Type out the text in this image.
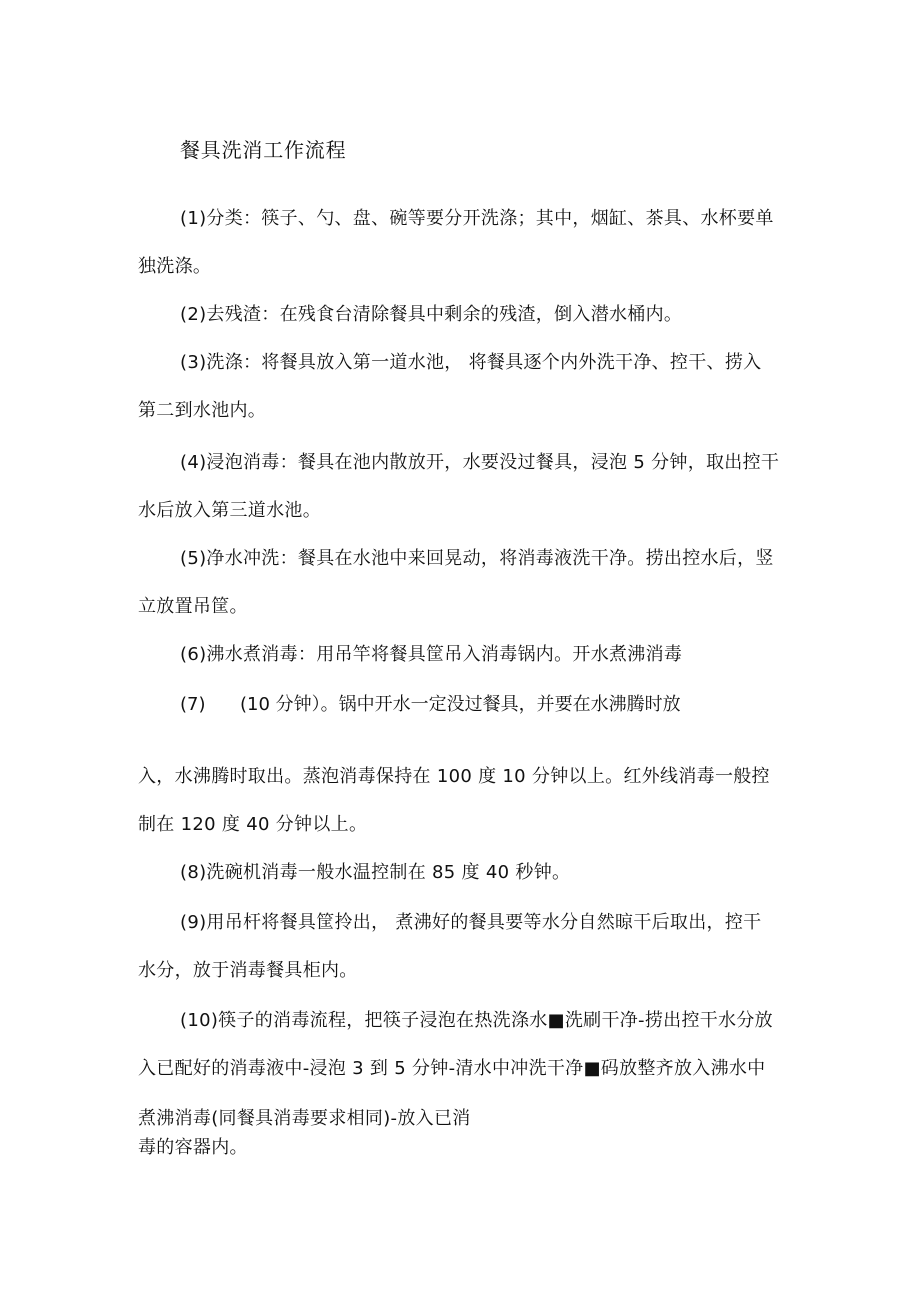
餐具洗消工作流程
(1)分类：筷子、勺、盘、碗等要分开洗涤；其中，烟缸、茶具、水杯要单
独洗涤。
(2)去残渣：在残食台清除餐具中剩余的残渣，倒入潜水桶内。
(3)洗涤：将餐具放入第一道水池， 将餐具逐个内外洗干净、控干、捞入
第二到水池内。
(4)浸泡消毒：餐具在池内散放开，水要没过餐具，浸泡 5 分钟，取出控干
水后放入第三道水池。
(5)净水冲洗：餐具在水池中来回晃动，将消毒液洗干净。捞出控水后，竖
立放置吊筐。
(6)沸水煮消毒：用吊竿将餐具筐吊入消毒锅内。开水煮沸消毒
(7) (10 分钟）。锅中开水一定没过餐具，并要在水沸腾时放
入，水沸腾时取出。蒸泡消毒保持在 100 度 10 分钟以上。红外线消毒一般控
制在 120 度 40 分钟以上。
(8)洗碗机消毒一般水温控制在 85 度 40 秒钟。
(9)用吊杆将餐具筐拎出， 煮沸好的餐具要等水分自然晾干后取出，控干
水分，放于消毒餐具柜内。
(10)筷子的消毒流程，把筷子浸泡在热洗涤水■洗刷干净-捞出控干水分放
入已配好的消毒液中-浸泡 3 到 5 分钟-清水中冲洗干净■码放整齐放入沸水中
煮沸消毒(同餐具消毒要求相同)-放入已消
毒的容器内。
